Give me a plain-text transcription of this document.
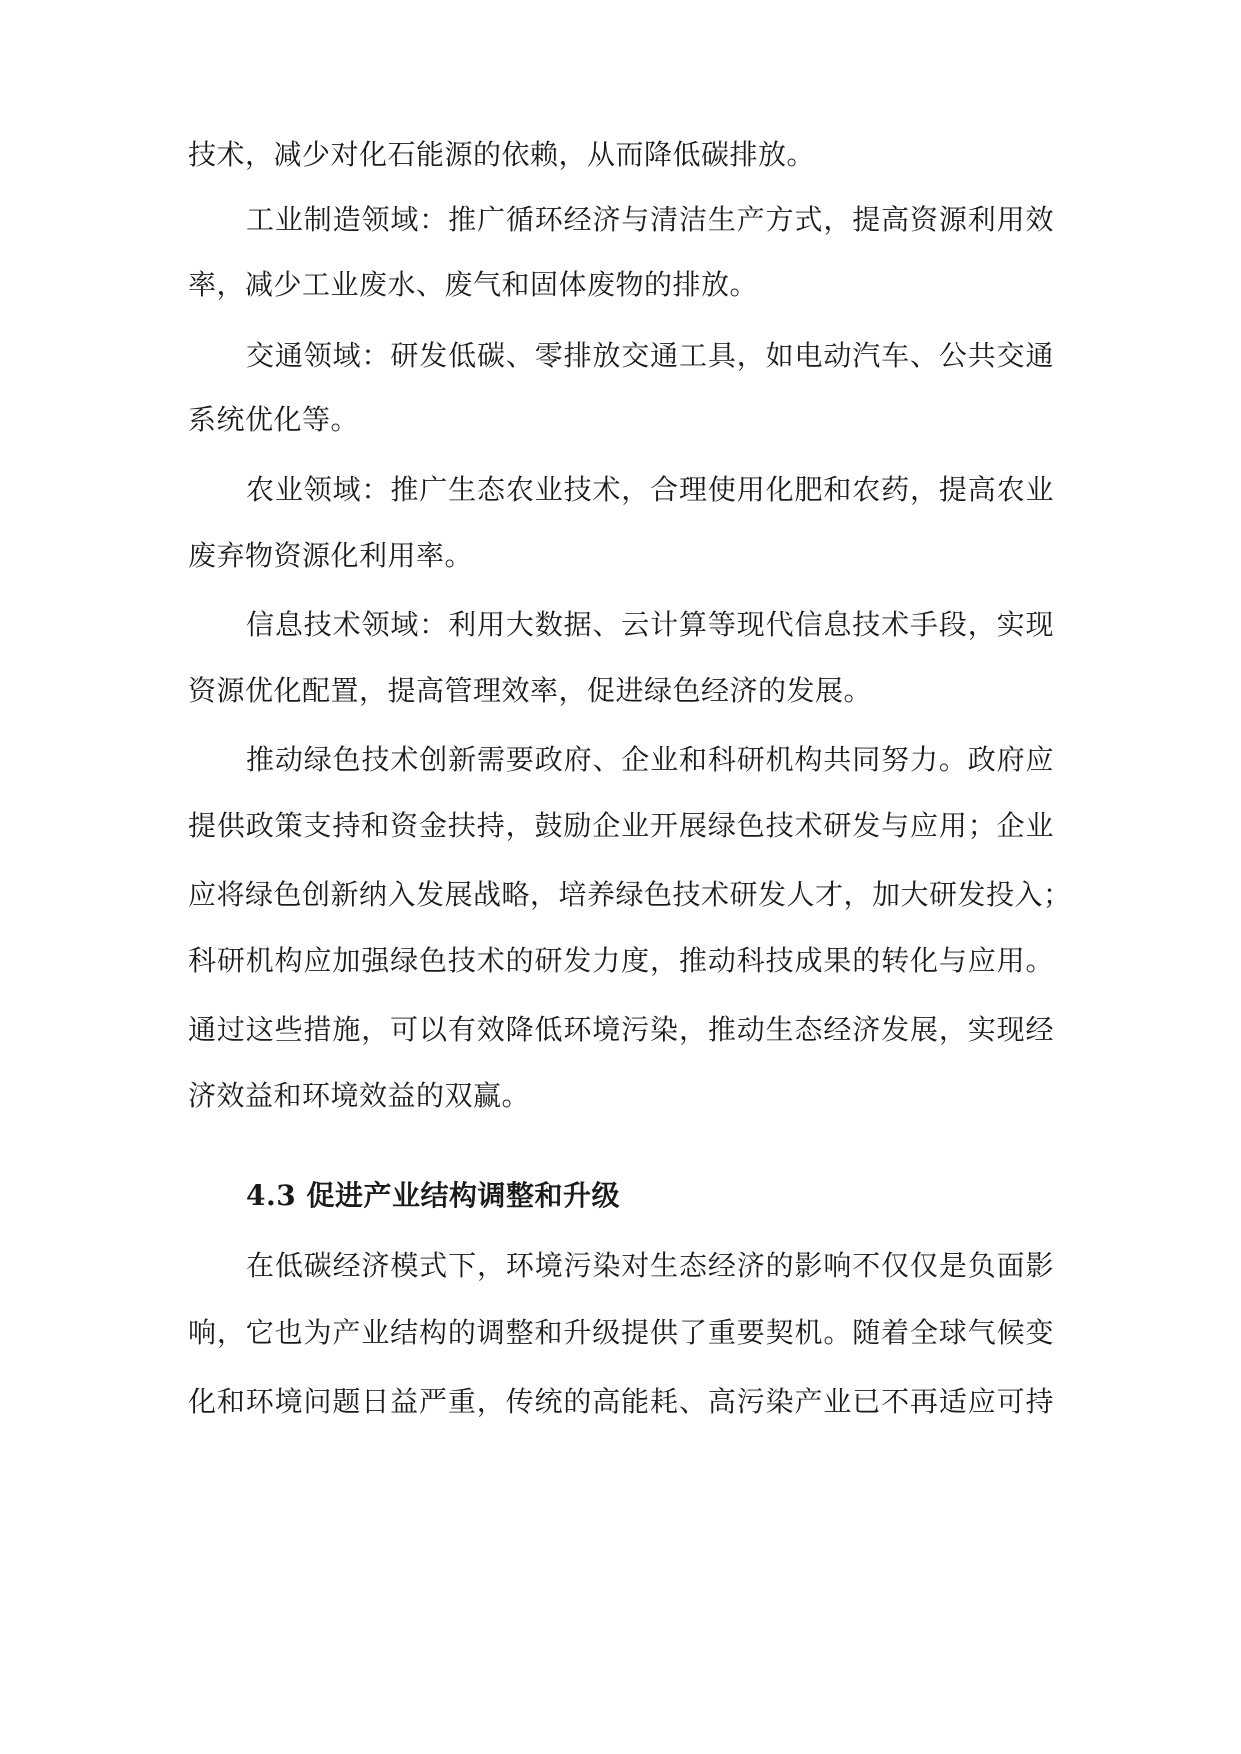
技术，减少对化石能源的依赖，从而降低碳排放。
工业制造领域：推广循环经济与清洁生产方式，提高资源利用效
率，减少工业废水、废气和固体废物的排放。
交通领域：研发低碳、零排放交通工具，如电动汽车、公共交通
系统优化等。
农业领域：推广生态农业技术，合理使用化肥和农药，提高农业
废弃物资源化利用率。
信息技术领域：利用大数据、云计算等现代信息技术手段，实现
资源优化配置，提高管理效率，促进绿色经济的发展。
推动绿色技术创新需要政府、企业和科研机构共同努力。政府应
提供政策支持和资金扶持，鼓励企业开展绿色技术研发与应用；企业
应将绿色创新纳入发展战略，培养绿色技术研发人才，加大研发投入；
科研机构应加强绿色技术的研发力度，推动科技成果的转化与应用。
通过这些措施，可以有效降低环境污染，推动生态经济发展，实现经
济效益和环境效益的双赢。
4.3 促进产业结构调整和升级
在低碳经济模式下，环境污染对生态经济的影响不仅仅是负面影
响，它也为产业结构的调整和升级提供了重要契机。随着全球气候变
化和环境问题日益严重，传统的高能耗、高污染产业已不再适应可持
